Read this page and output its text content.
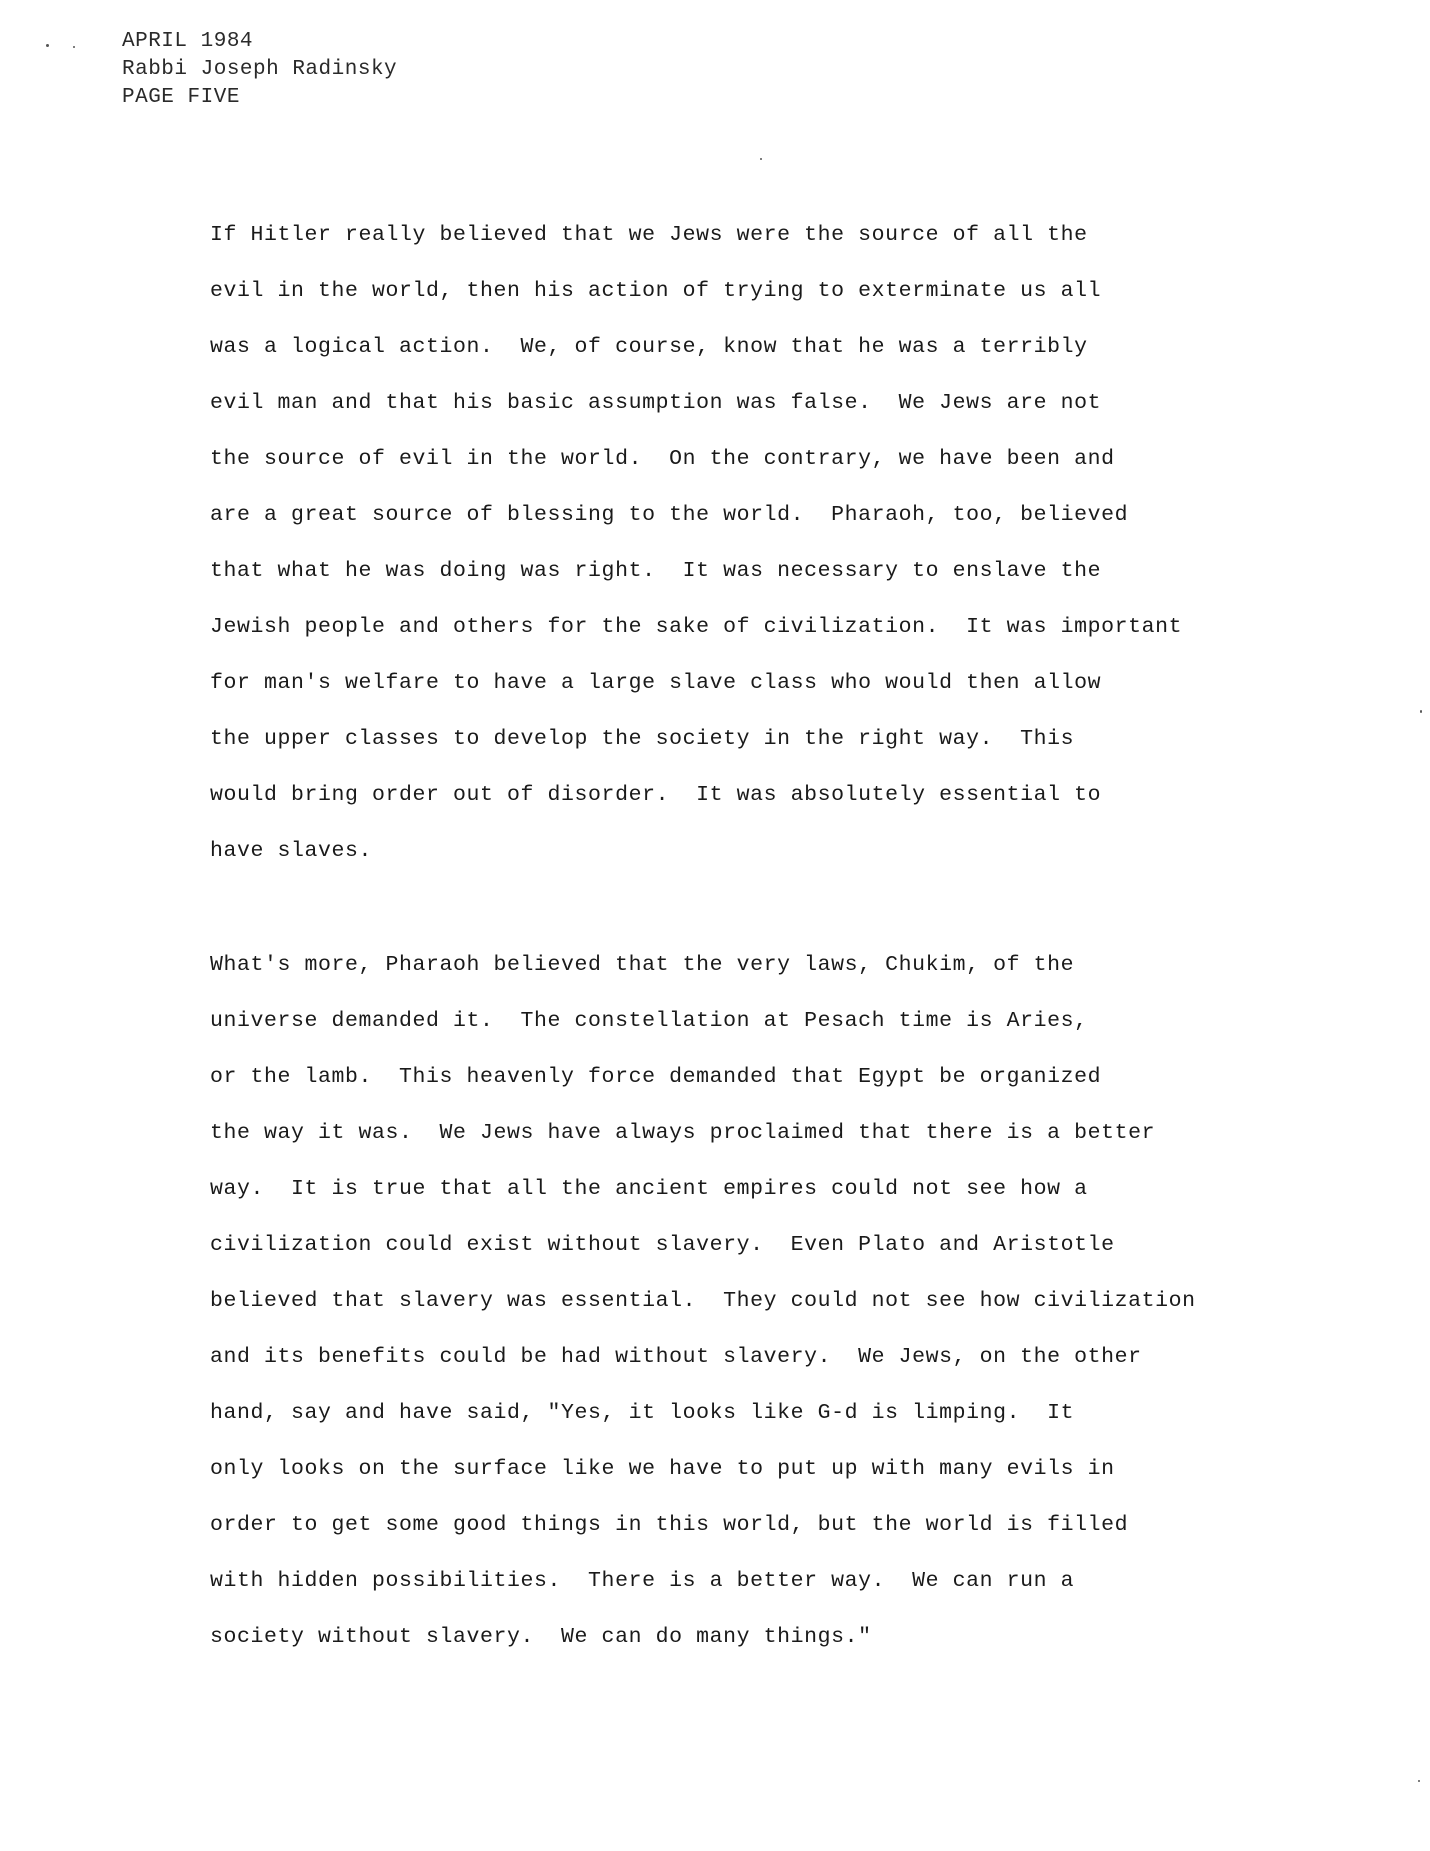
APRIL 1984
Rabbi Joseph Radinsky
PAGE FIVE
If Hitler really believed that we Jews were the source of all the
evil in the world, then his action of trying to exterminate us all
was a logical action.  We, of course, know that he was a terribly
evil man and that his basic assumption was false.  We Jews are not
the source of evil in the world.  On the contrary, we have been and
are a great source of blessing to the world.  Pharaoh, too, believed
that what he was doing was right.  It was necessary to enslave the
Jewish people and others for the sake of civilization.  It was important
for man's welfare to have a large slave class who would then allow
the upper classes to develop the society in the right way.  This
would bring order out of disorder.  It was absolutely essential to
have slaves.
What's more, Pharaoh believed that the very laws, Chukim, of the
universe demanded it.  The constellation at Pesach time is Aries,
or the lamb.  This heavenly force demanded that Egypt be organized
the way it was.  We Jews have always proclaimed that there is a better
way.  It is true that all the ancient empires could not see how a
civilization could exist without slavery.  Even Plato and Aristotle
believed that slavery was essential.  They could not see how civilization
and its benefits could be had without slavery.  We Jews, on the other
hand, say and have said, "Yes, it looks like G-d is limping.  It
only looks on the surface like we have to put up with many evils in
order to get some good things in this world, but the world is filled
with hidden possibilities.  There is a better way.  We can run a
society without slavery.  We can do many things."
